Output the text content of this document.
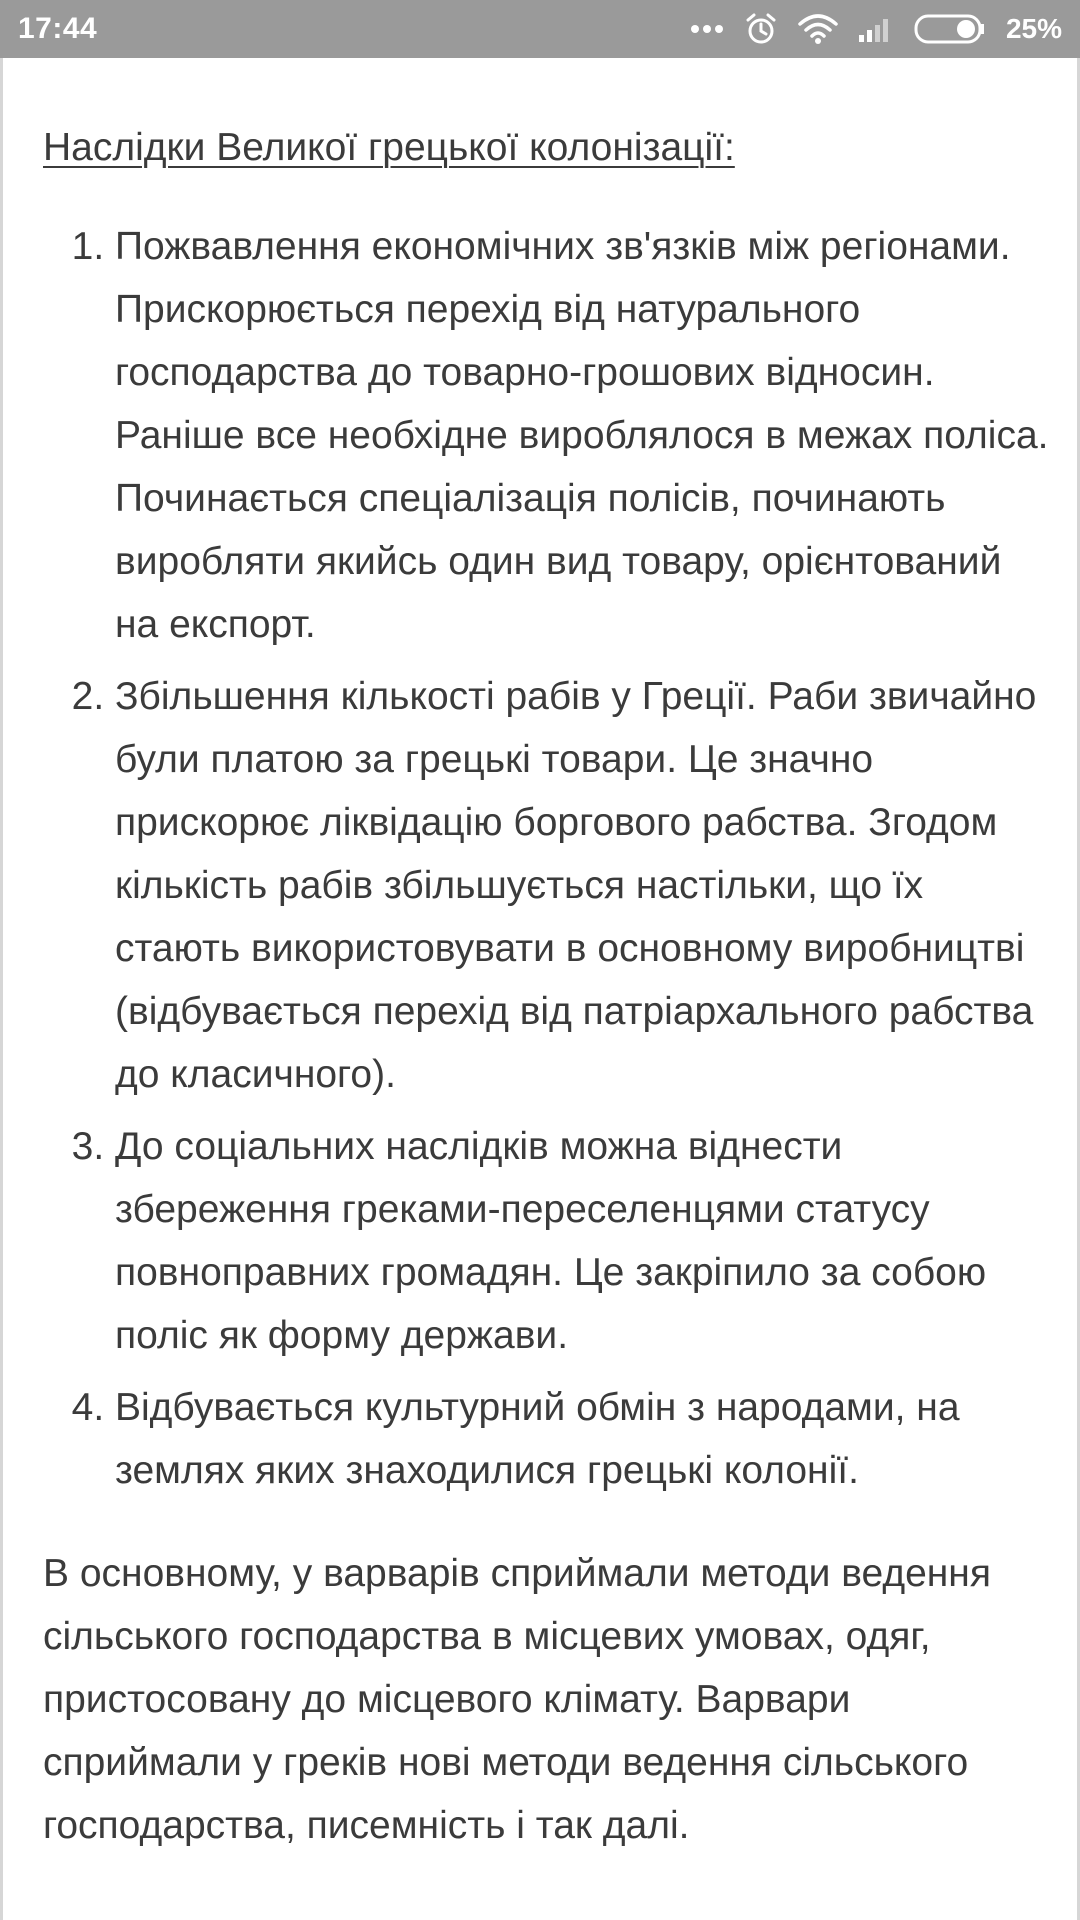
17:44	25%

Наслідки Великої грецької колонізації:

1. Пожвавлення економічних зв'язків між регіонами. Прискорюється перехід від натурального господарства до товарно-грошових відносин. Раніше все необхідне вироблялося в межах поліса. Починається спеціалізація полісів, починають виробляти якийсь один вид товару, орієнтований на експорт.
2. Збільшення кількості рабів у Греції. Раби звичайно були платою за грецькі товари. Це значно прискорює ліквідацію боргового рабства. Згодом кількість рабів збільшується настільки, що їх стають використовувати в основному виробництві (відбувається перехід від патріархального рабства до класичного).
3. До соціальних наслідків можна віднести збереження греками-переселенцями статусу повноправних громадян. Це закріпило за собою поліс як форму держави.
4. Відбувається культурний обмін з народами, на землях яких знаходилися грецькі колонії.

В основному, у варварів сприймали методи ведення сільського господарства в місцевих умовах, одяг, пристосовану до місцевого клімату. Варвари сприймали у греків нові методи ведення сільського господарства, писемність і так далі.
